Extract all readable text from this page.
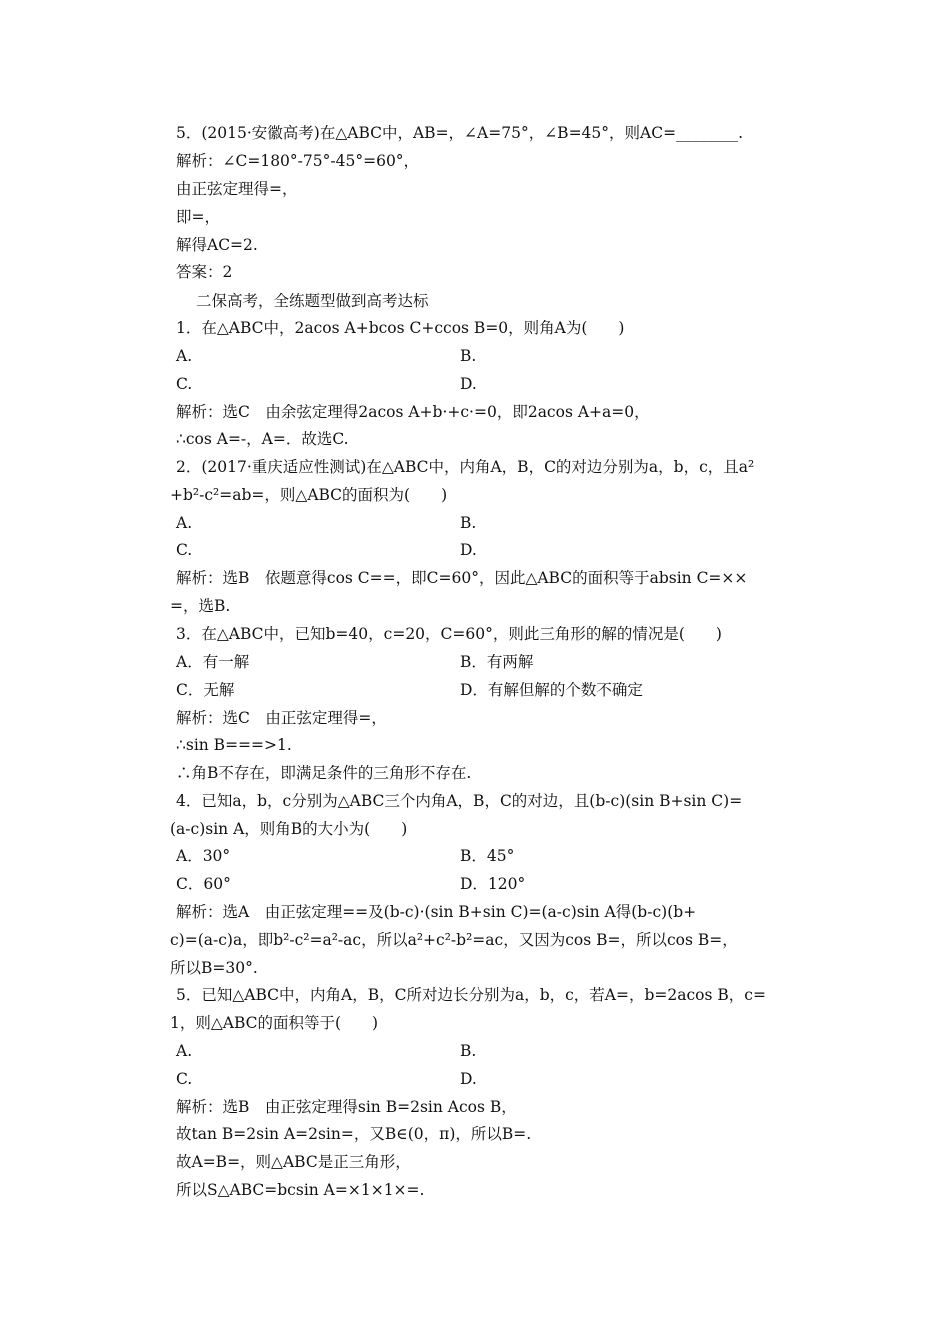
5．(2015·安徽高考)在△ABC中，AB=，∠A=75°，∠B=45°，则AC=________.
解析：∠C=180°-75°-45°=60°，
由正弦定理得=，
即=，
解得AC=2.
答案：2
二保高考，全练题型做到高考达标
1．在△ABC中，2acos A+bcos C+ccos B=0，则角A为(　　)
A.	B.
C.	D.
解析：选C　由余弦定理得2acos A+b·+c·=0，即2acos A+a=0，
∴cos A=-，A=．故选C.
2．(2017·重庆适应性测试)在△ABC中，内角A，B，C的对边分别为a，b，c，且a²
+b²-c²=ab=，则△ABC的面积为(　　)
A.	B.
C.	D.
解析：选B　依题意得cos C==，即C=60°，因此△ABC的面积等于absin C=××
=，选B.
3．在△ABC中，已知b=40，c=20，C=60°，则此三角形的解的情况是(　　)
A．有一解	B．有两解
C．无解	D．有解但解的个数不确定
解析：选C　由正弦定理得=，
∴sin B===>1.
∴角B不存在，即满足条件的三角形不存在.
4．已知a，b，c分别为△ABC三个内角A，B，C的对边，且(b-c)(sin B+sin C)=
(a-c)sin A，则角B的大小为(　　)
A．30°	B．45°
C．60°	D．120°
解析：选A　由正弦定理==及(b-c)·(sin B+sin C)=(a-c)sin A得(b-c)(b+
c)=(a-c)a，即b²-c²=a²-ac，所以a²+c²-b²=ac，又因为cos B=，所以cos B=，
所以B=30°.
5．已知△ABC中，内角A，B，C所对边长分别为a，b，c，若A=，b=2acos B，c=
1，则△ABC的面积等于(　　)
A.	B.
C.	D.
解析：选B　由正弦定理得sin B=2sin Acos B，
故tan B=2sin A=2sin=，又B∈(0，π)，所以B=.
故A=B=，则△ABC是正三角形，
所以S△ABC=bcsin A=×1×1×=.
